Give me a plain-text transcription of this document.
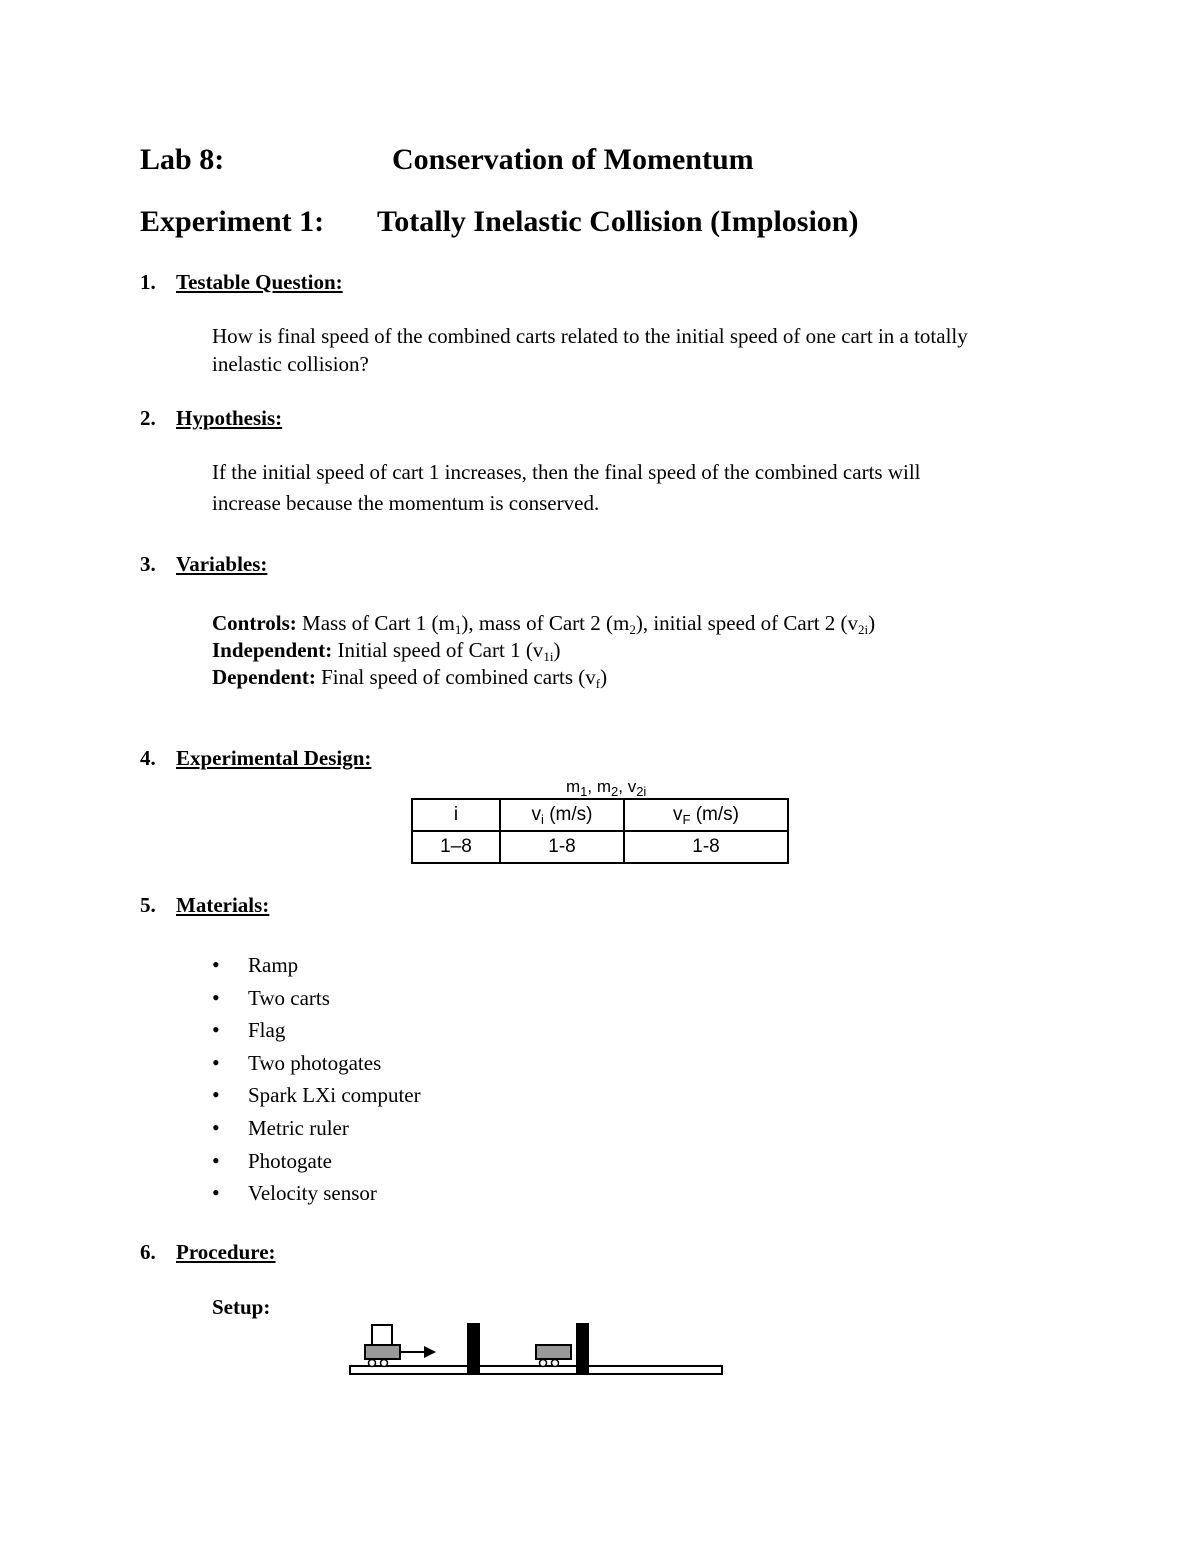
Lab 8:	Conservation of Momentum
Experiment 1: Totally Inelastic Collision (Implosion)
1. Testable Question:
How is final speed of the combined carts related to the initial speed of one cart in a totally
inelastic collision?
2. Hypothesis:
If the initial speed of cart 1 increases, then the final speed of the combined carts will
increase because the momentum is conserved.
3. Variables:
Controls: Mass of Cart 1 $(m_1)$, mass of Cart 2 $(m_2)$, initial speed of Cart 2 $(v_{2i})$
Independent: Initial speed of Cart 1 $(v_{1i})$
Dependent: Final speed of combined carts $(v_f)$
4. Experimental Design:
$m_1$, $m_2$, $v_{2i}$
i	$v_i$ (m/s)	$v_F$ (m/s)
1–8	1-8	1-8
5. Materials:
• Ramp
• Two carts
• Flag
• Two photogates
• Spark LXi computer
• Metric ruler
• Photogate
• Velocity sensor
6. Procedure:
Setup:
